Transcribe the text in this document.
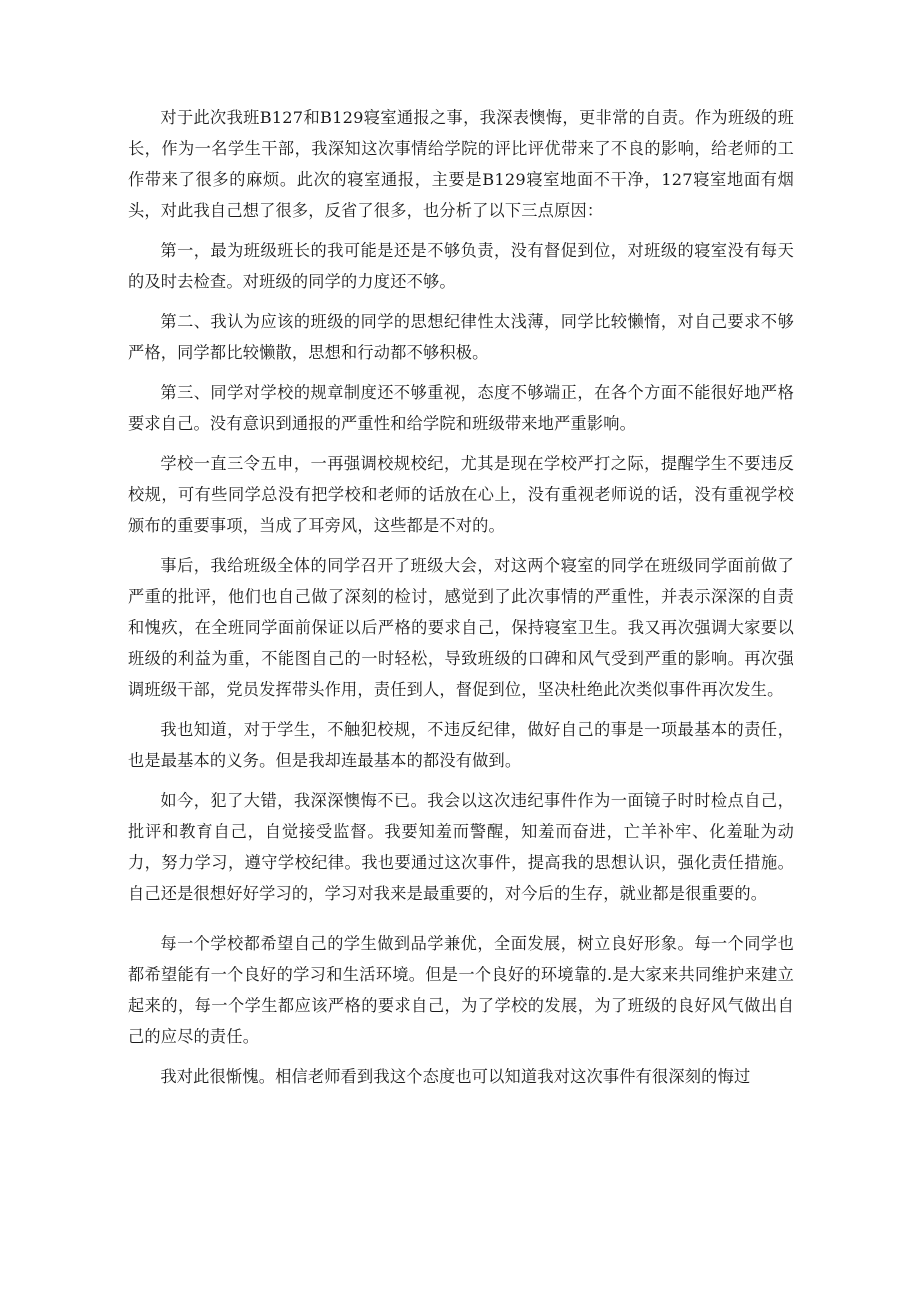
对于此次我班B127和B129寝室通报之事，我深表懊悔，更非常的自责。作为班级的班长，作为一名学生干部，我深知这次事情给学院的评比评优带来了不良的影响，给老师的工作带来了很多的麻烦。此次的寝室通报，主要是B129寝室地面不干净，127寝室地面有烟头，对此我自己想了很多，反省了很多，也分析了以下三点原因：

第一，最为班级班长的我可能是还是不够负责，没有督促到位，对班级的寝室没有每天的及时去检查。对班级的同学的力度还不够。

第二、我认为应该的班级的同学的思想纪律性太浅薄，同学比较懒惰，对自己要求不够严格，同学都比较懒散，思想和行动都不够积极。

第三、同学对学校的规章制度还不够重视，态度不够端正，在各个方面不能很好地严格要求自己。没有意识到通报的严重性和给学院和班级带来地严重影响。

学校一直三令五申，一再强调校规校纪，尤其是现在学校严打之际，提醒学生不要违反校规，可有些同学总没有把学校和老师的话放在心上，没有重视老师说的话，没有重视学校颁布的重要事项，当成了耳旁风，这些都是不对的。

事后，我给班级全体的同学召开了班级大会，对这两个寝室的同学在班级同学面前做了严重的批评，他们也自己做了深刻的检讨，感觉到了此次事情的严重性，并表示深深的自责和愧疚，在全班同学面前保证以后严格的要求自己，保持寝室卫生。我又再次强调大家要以班级的利益为重，不能图自己的一时轻松，导致班级的口碑和风气受到严重的影响。再次强调班级干部，党员发挥带头作用，责任到人，督促到位，坚决杜绝此次类似事件再次发生。

我也知道，对于学生，不触犯校规，不违反纪律，做好自己的事是一项最基本的责任，也是最基本的义务。但是我却连最基本的都没有做到。

如今，犯了大错，我深深懊悔不已。我会以这次违纪事件作为一面镜子时时检点自己，批评和教育自己，自觉接受监督。我要知羞而警醒，知羞而奋进，亡羊补牢、化羞耻为动力，努力学习，遵守学校纪律。我也要通过这次事件，提高我的思想认识，强化责任措施。自己还是很想好好学习的，学习对我来是最重要的，对今后的生存，就业都是很重要的。

每一个学校都希望自己的学生做到品学兼优，全面发展，树立良好形象。每一个同学也都希望能有一个良好的学习和生活环境。但是一个良好的环境靠的.是大家来共同维护来建立起来的，每一个学生都应该严格的要求自己，为了学校的发展，为了班级的良好风气做出自己的应尽的责任。

我对此很惭愧。相信老师看到我这个态度也可以知道我对这次事件有很深刻的悔过
